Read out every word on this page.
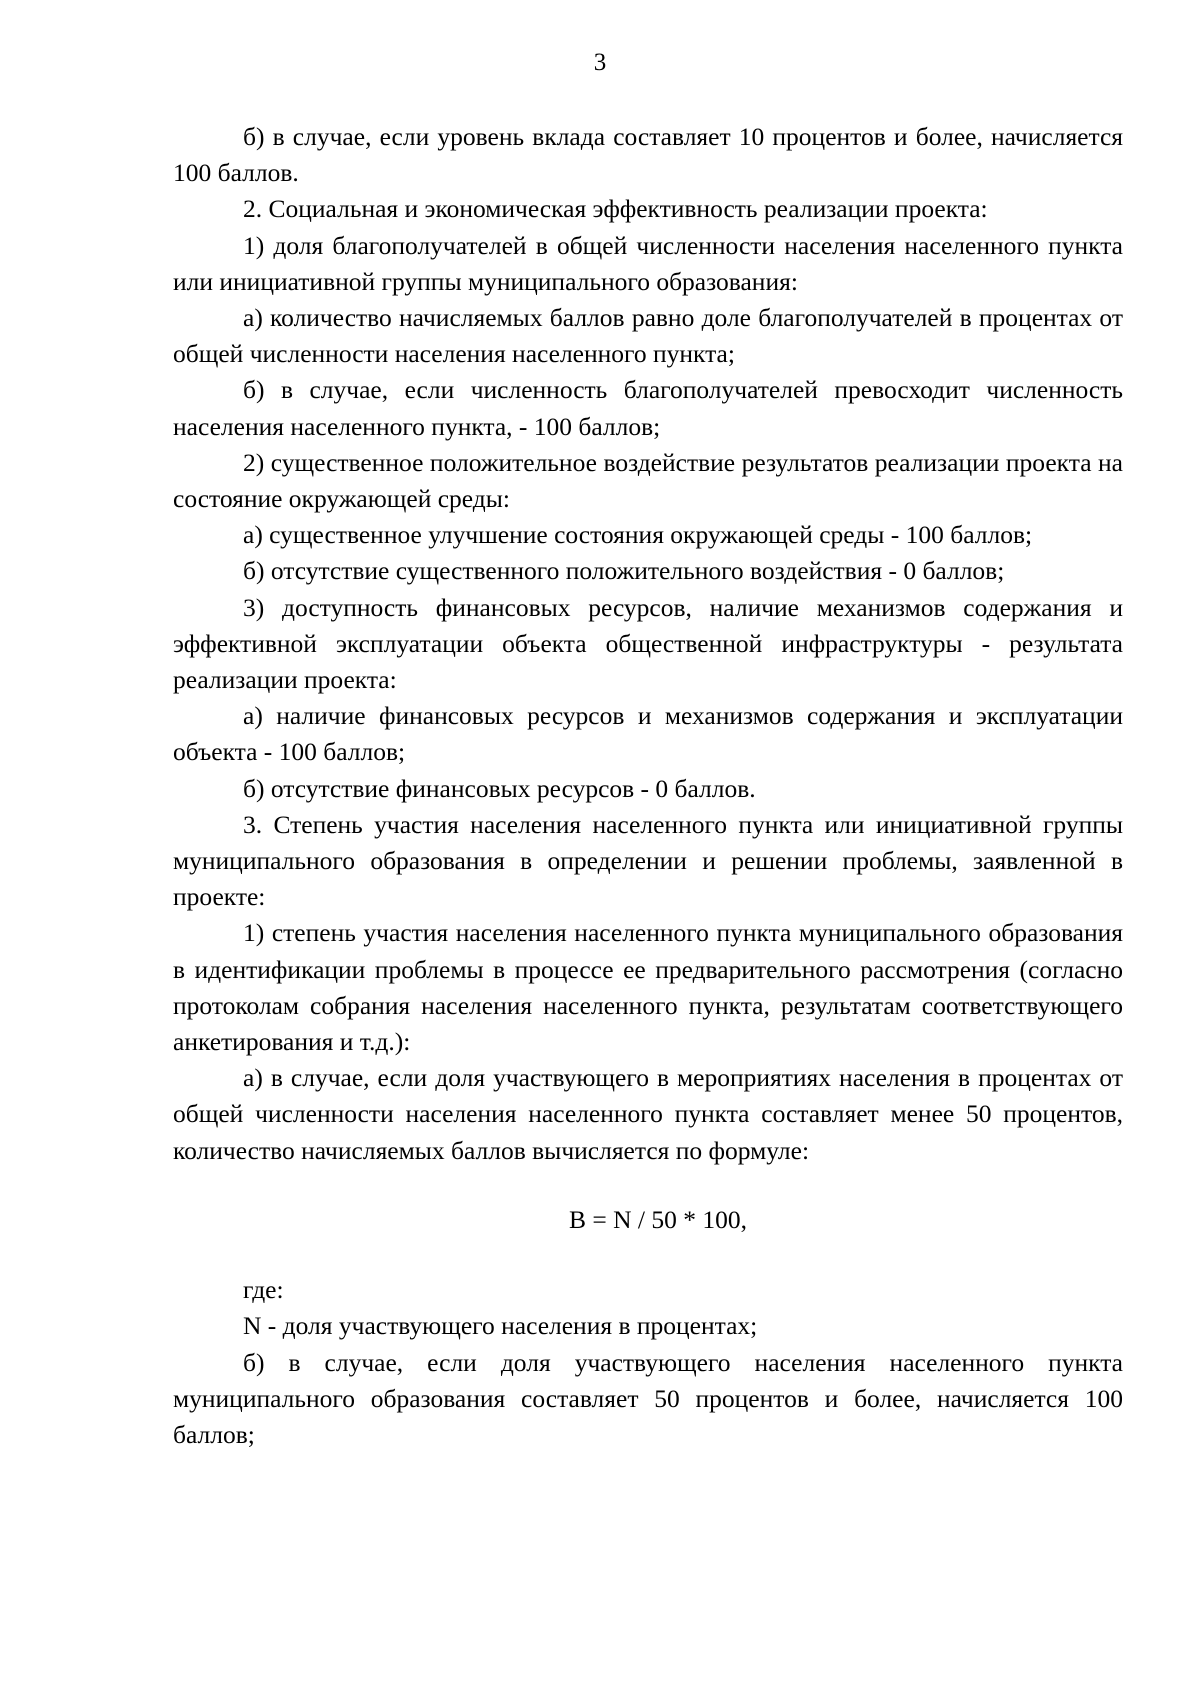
3

б) в случае, если уровень вклада составляет 10 процентов и более, начисляется 100 баллов.

2. Социальная и экономическая эффективность реализации проекта:

1) доля благополучателей в общей численности населения населенного пункта или инициативной группы муниципального образования:

а) количество начисляемых баллов равно доле благополучателей в процентах от общей численности населения населенного пункта;

б) в случае, если численность благополучателей превосходит численность населения населенного пункта, - 100 баллов;

2) существенное положительное воздействие результатов реализации проекта на состояние окружающей среды:

а) существенное улучшение состояния окружающей среды - 100 баллов;

б) отсутствие существенного положительного воздействия - 0 баллов;

3) доступность финансовых ресурсов, наличие механизмов содержания и эффективной эксплуатации объекта общественной инфраструктуры - результата реализации проекта:

а) наличие финансовых ресурсов и механизмов содержания и эксплуатации объекта - 100 баллов;

б) отсутствие финансовых ресурсов - 0 баллов.

3. Степень участия населения населенного пункта или инициативной группы муниципального образования в определении и решении проблемы, заявленной в проекте:

1) степень участия населения населенного пункта муниципального образования в идентификации проблемы в процессе ее предварительного рассмотрения (согласно протоколам собрания населения населенного пункта, результатам соответствующего анкетирования и т.д.):

а) в случае, если доля участвующего в мероприятиях населения в процентах от общей численности населения населенного пункта составляет менее 50 процентов, количество начисляемых баллов вычисляется по формуле:

B = N / 50 * 100,

где:

N - доля участвующего населения в процентах;

б) в случае, если доля участвующего населения населенного пункта муниципального образования составляет 50 процентов и более, начисляется 100 баллов;
